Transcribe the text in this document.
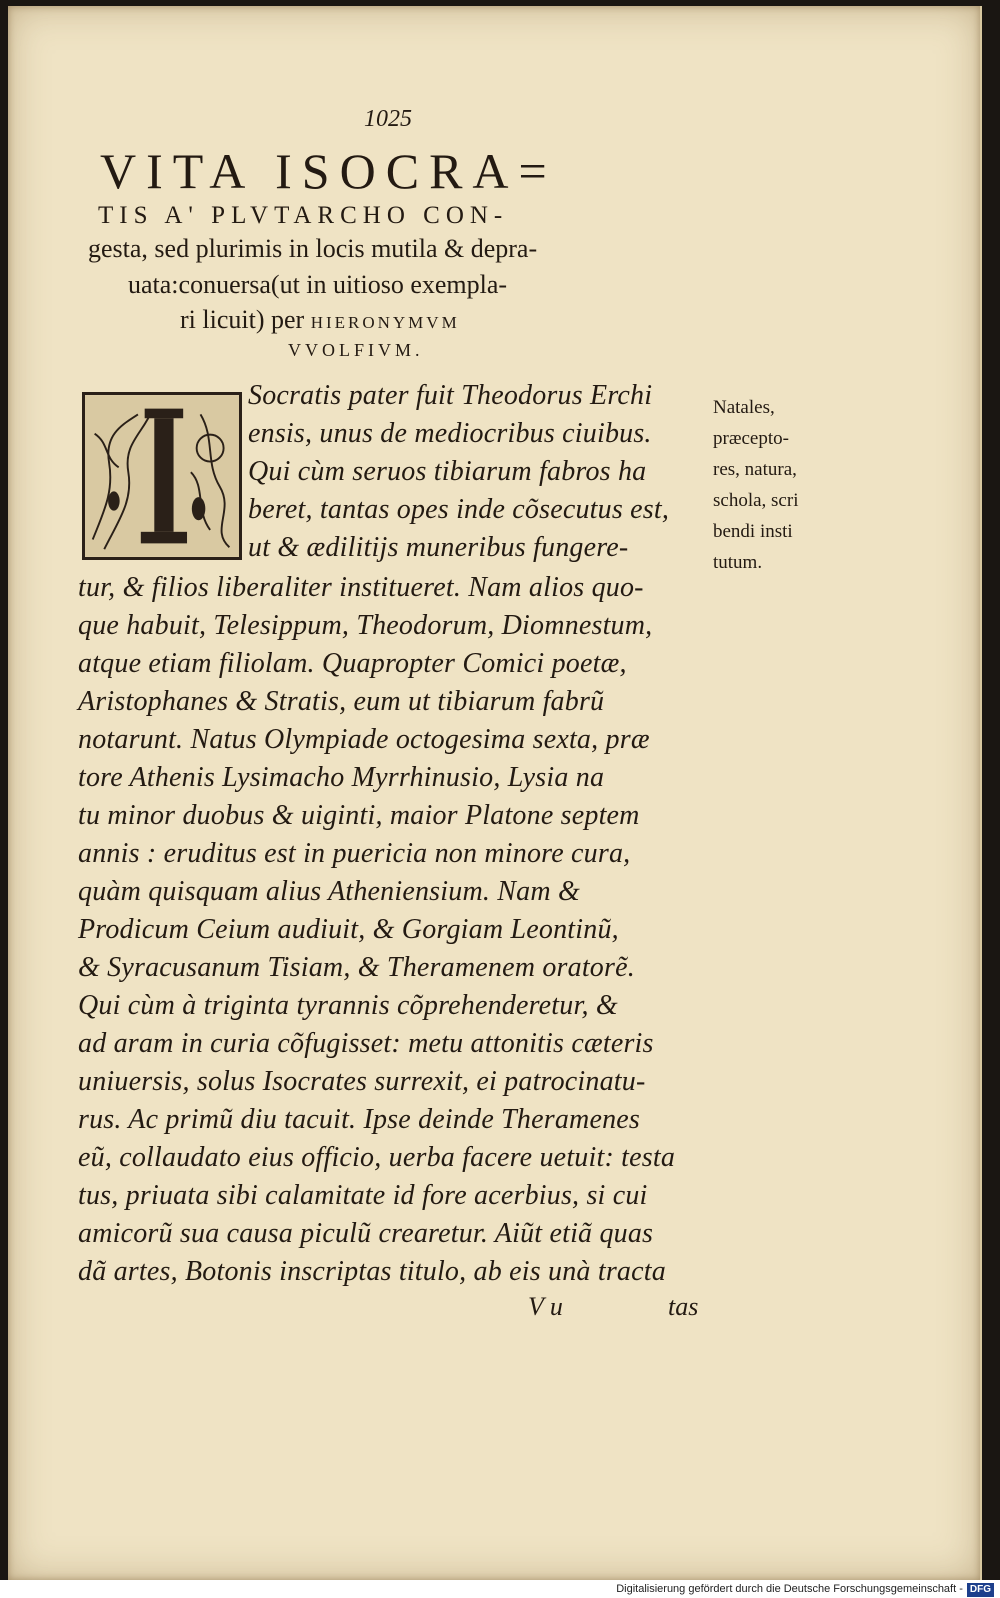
1025
VITA ISOCRA=
TIS A' PLVTARCHO CON-
gesta, sed plurimis in locis mutila & depra-
uata:conuersa(ut in uitioso exempla-
ri licuit) per HIERONYMVM
VVOLFIVM.
Socratis pater fuit Theodorus Erchi
ensis, unus de mediocribus ciuibus.
Qui cùm seruos tibiarum fabros ha
beret, tantas opes inde cõsecutus est,
ut & ædilitijs muneribus fungere-
tur, & filios liberaliter institueret. Nam alios quo-
que habuit, Telesippum, Theodorum, Diomnestum,
atque etiam filiolam. Quapropter Comici poetæ,
Aristophanes & Stratis, eum ut tibiarum fabrũ
notarunt. Natus Olympiade octogesima sexta, præ
tore Athenis Lysimacho Myrrhinusio, Lysia na
tu minor duobus & uiginti, maior Platone septem
annis : eruditus est in puericia non minore cura,
quàm quisquam alius Atheniensium. Nam &
Prodicum Ceium audiuit, & Gorgiam Leontinũ,
& Syracusanum Tisiam, & Theramenem oratorẽ.
Qui cùm à triginta tyrannis cõprehenderetur, &
ad aram in curia cõfugisset: metu attonitis cæteris
uniuersis, solus Isocrates surrexit, ei patrocinatu-
rus. Ac primũ diu tacuit. Ipse deinde Theramenes
eũ, collaudato eius officio, uerba facere uetuit: testa
tus, priuata sibi calamitate id fore acerbius, si cui
amicorũ sua causa piculũ crearetur. Aiũt etiã quas
dã artes, Botonis inscriptas titulo, ab eis unà tracta
Natales,
præcepto-
res, natura,
schola, scri
bendi insti
tutum.
V u	tas
Digitalisierung gefördert durch die Deutsche Forschungsgemeinschaft - DFG
